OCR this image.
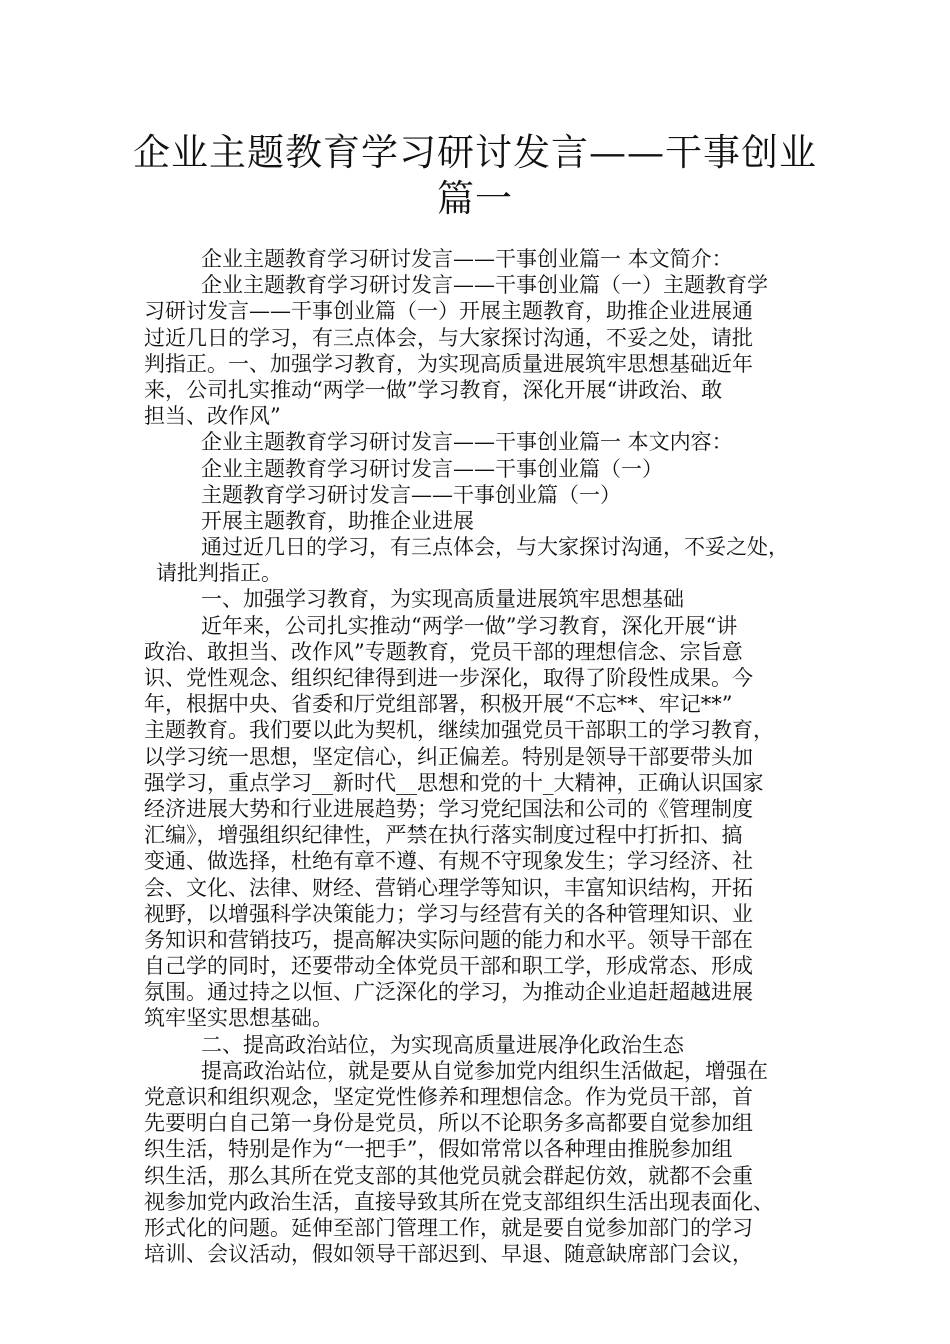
企业主题教育学习研讨发言——干事创业
篇一
企业主题教育学习研讨发言——干事创业篇一 本文简介：
企业主题教育学习研讨发言——干事创业篇（一）主题教育学
习研讨发言——干事创业篇（一）开展主题教育，助推企业进展通
过近几日的学习，有三点体会，与大家探讨沟通，不妥之处，请批
判指正。一、加强学习教育，为实现高质量进展筑牢思想基础近年
来，公司扎实推动“两学一做”学习教育，深化开展“讲政治、敢
担当、改作风”
企业主题教育学习研讨发言——干事创业篇一 本文内容：
企业主题教育学习研讨发言——干事创业篇（一）
主题教育学习研讨发言——干事创业篇（一）
开展主题教育，助推企业进展
通过近几日的学习，有三点体会，与大家探讨沟通，不妥之处，
请批判指正。
一、加强学习教育，为实现高质量进展筑牢思想基础
近年来，公司扎实推动“两学一做”学习教育，深化开展“讲
政治、敢担当、改作风”专题教育，党员干部的理想信念、宗旨意
识、党性观念、组织纪律得到进一步深化，取得了阶段性成果。今
年，根据中央、省委和厅党组部署，积极开展“不忘**、牢记**”
主题教育。我们要以此为契机，继续加强党员干部职工的学习教育，
以学习统一思想，坚定信心，纠正偏差。特别是领导干部要带头加
强学习，重点学习__新时代__思想和党的十_大精神，正确认识国家
经济进展大势和行业进展趋势；学习党纪国法和公司的《管理制度
汇编》，增强组织纪律性，严禁在执行落实制度过程中打折扣、搞
变通、做选择，杜绝有章不遵、有规不守现象发生；学习经济、社
会、文化、法律、财经、营销心理学等知识，丰富知识结构，开拓
视野，以增强科学决策能力；学习与经营有关的各种管理知识、业
务知识和营销技巧，提高解决实际问题的能力和水平。领导干部在
自己学的同时，还要带动全体党员干部和职工学，形成常态、形成
氛围。通过持之以恒、广泛深化的学习，为推动企业追赶超越进展
筑牢坚实思想基础。
二、提高政治站位，为实现高质量进展净化政治生态
提高政治站位，就是要从自觉参加党内组织生活做起，增强在
党意识和组织观念，坚定党性修养和理想信念。作为党员干部，首
先要明白自己第一身份是党员，所以不论职务多高都要自觉参加组
织生活，特别是作为“一把手”，假如常常以各种理由推脱参加组
织生活，那么其所在党支部的其他党员就会群起仿效，就都不会重
视参加党内政治生活，直接导致其所在党支部组织生活出现表面化、
形式化的问题。延伸至部门管理工作，就是要自觉参加部门的学习
培训、会议活动，假如领导干部迟到、早退、随意缺席部门会议，
